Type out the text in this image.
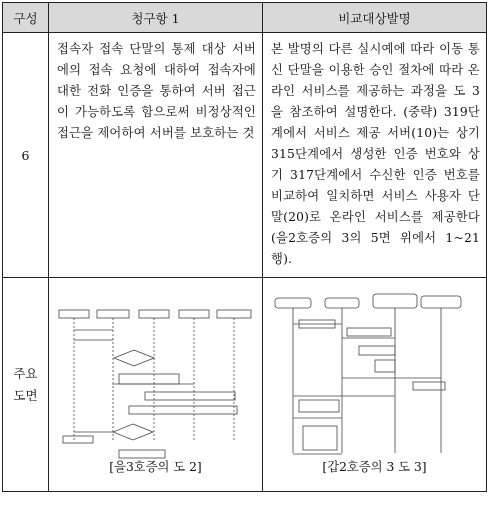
구성	청구항 1	비교대상발명
6	접속자 접속 단말의 통제 대상 서버에의 접속 요청에 대하여 접속자에 대한 전화 인증을 통하여 서버 접근이 가능하도록 함으로써 비정상적인 접근을 제어하여 서버를 보호하는 것	본 발명의 다른 실시예에 따라 이동 통신 단말을 이용한 승인 절차에 따라 온라인 서비스를 제공하는 과정을 도 3을 참조하여 설명한다. (중략) 319단계에서 서비스 제공 서버(10)는 상기 315단계에서 생성한 인증 번호와 상기 317단계에서 수신한 인증 번호를 비교하여 일치하면 서비스 사용자 단말(20)로 온라인 서비스를 제공한다(을2호증의 3의 5면 위에서 1~21행).

주요
도면	[을3호증의 도 2]	[갑2호증의 3 도 3]
